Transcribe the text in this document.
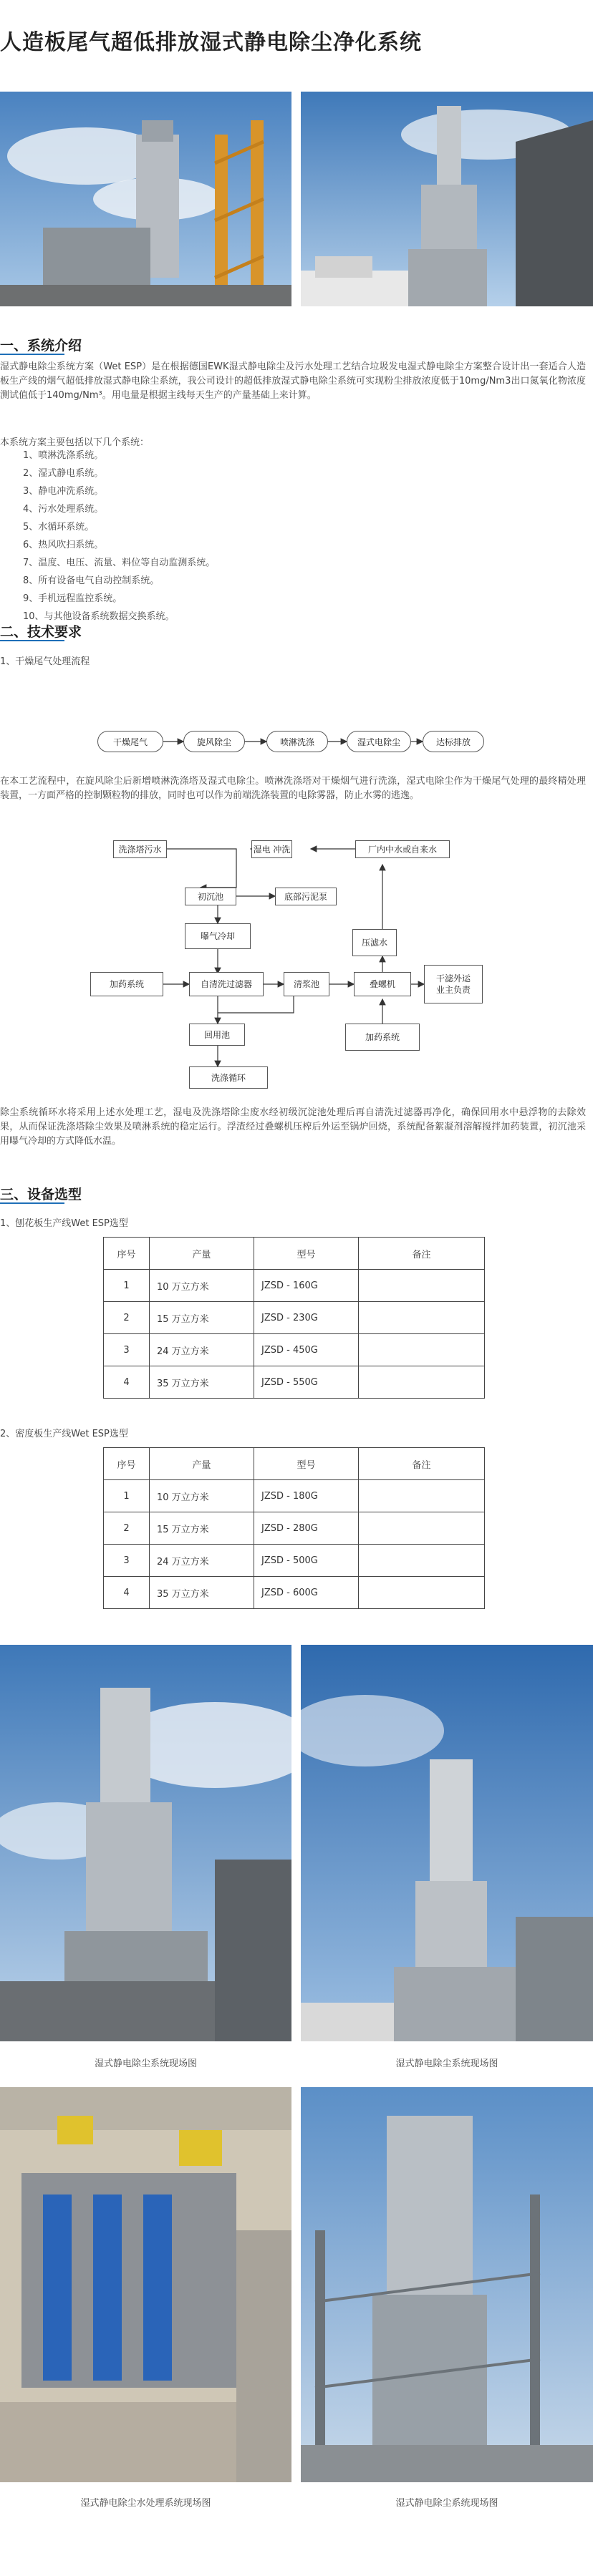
人造板尾气超低排放湿式静电除尘净化系统
一、系统介绍
湿式静电除尘系统方案（Wet ESP）是在根据德国EWK湿式静电除尘及污水处理工艺结合垃圾发电湿式静电除尘方案整合设计出一套适合人造板生产线的烟气超低排放湿式静电除尘系统，我公司设计的超低排放湿式静电除尘系统可实现粉尘排放浓度低于10mg/Nm3出口氮氧化物浓度测试值低于140mg/Nm³。用电量是根据主线每天生产的产量基础上来计算。
本系统方案主要包括以下几个系统：
1、喷淋洗涤系统。
2、湿式静电系统。
3、静电冲洗系统。
4、污水处理系统。
5、水循环系统。
6、热风吹扫系统。
7、温度、电压、流量、料位等自动监测系统。
8、所有设备电气自动控制系统。
9、手机远程监控系统。
10、与其他设备系统数据交换系统。
二、技术要求
1、干燥尾气处理流程
干燥尾气	旋风除尘	喷淋洗涤	湿式电除尘	达标排放
在本工艺流程中，在旋风除尘后新增喷淋洗涤塔及湿式电除尘。喷淋洗涤塔对干燥烟气进行洗涤，湿式电除尘作为干燥尾气处理的最终精处理装置，一方面严格的控制颗粒物的排放，同时也可以作为前端洗涤装置的电除雾器，防止水雾的逃逸。
洗涤塔污水	湿电 冲洗	厂内中水或自来水
初沉池	底部污泥泵
曝气冷却
压滤水
加药系统	自清洗过滤器	清浆池	叠螺机
干滤外运
业主负责
回用池	加药系统
洗涤循环
除尘系统循环水将采用上述水处理工艺，湿电及洗涤塔除尘废水经初级沉淀池处理后再自清洗过滤器再净化，确保回用水中悬浮物的去除效果，从而保证洗涤塔除尘效果及喷淋系统的稳定运行。浮渣经过叠螺机压榨后外运至锅炉回烧，系统配备絮凝剂溶解搅拌加药装置，初沉池采用曝气冷却的方式降低水温。
三、设备选型
1、刨花板生产线Wet ESP选型
序号	产量	型号	备注
1	10 万立方米	JZSD - 160G	
2	15 万立方米	JZSD - 230G	
3	24 万立方米	JZSD - 450G	
4	35 万立方米	JZSD - 550G	
2、密度板生产线Wet ESP选型
序号	产量	型号	备注
1	10 万立方米	JZSD - 180G	
2	15 万立方米	JZSD - 280G	
3	24 万立方米	JZSD - 500G	
4	35 万立方米	JZSD - 600G	
湿式静电除尘系统现场图	湿式静电除尘系统现场图
湿式静电除尘水处理系统现场图	湿式静电除尘系统现场图
